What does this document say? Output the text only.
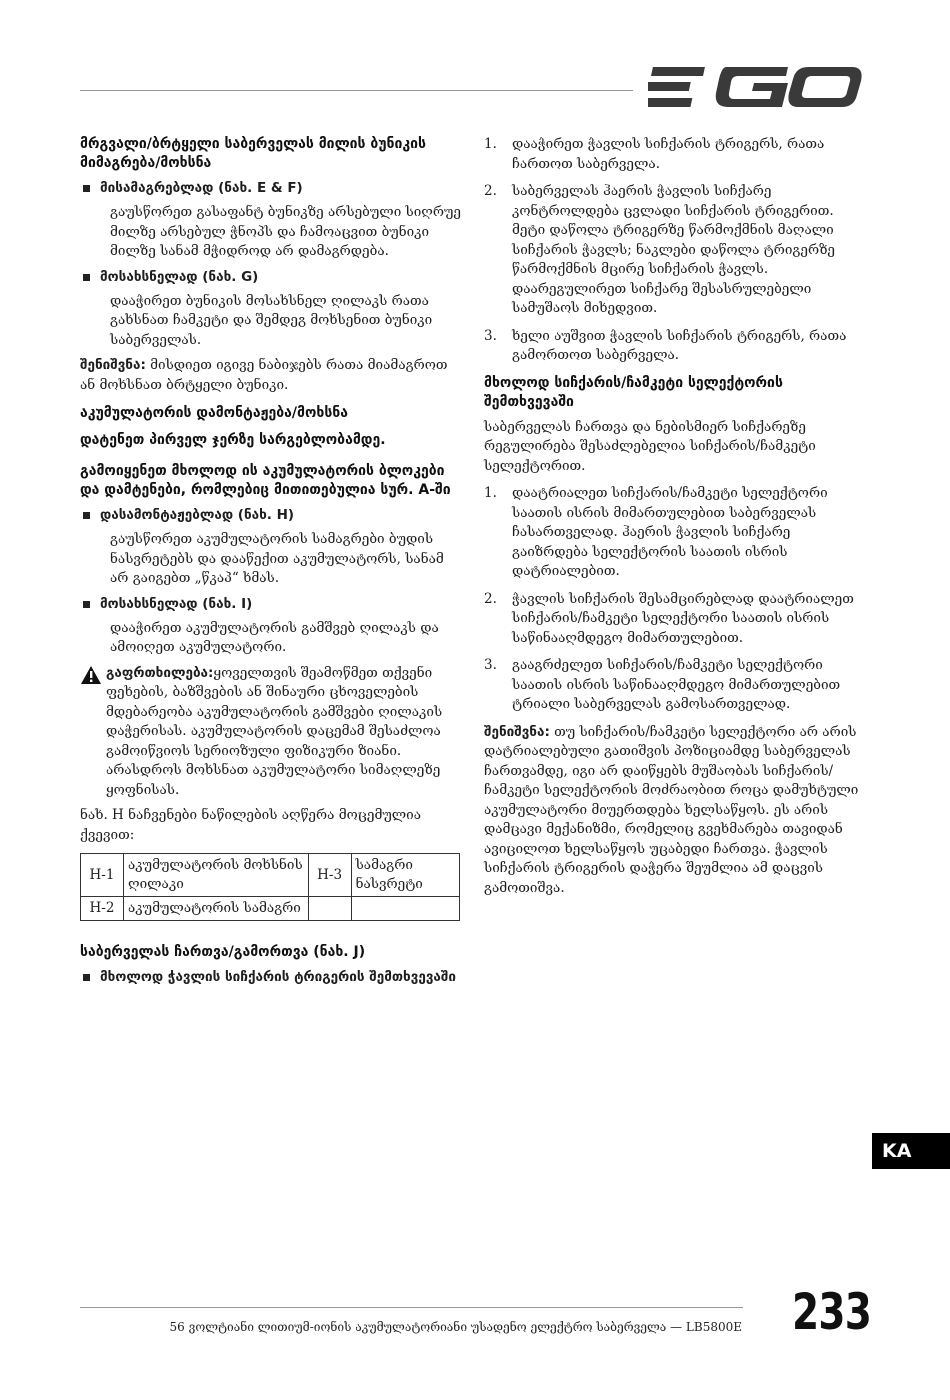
მრგვალი/ბრტყელი საბერველას მილის ბუნიკის მიმაგრება/მოხსნა
მისამაგრებლად (ნახ. E & F)
გაუსწორეთ გასაფანტ ბუნიკზე არსებული სიღრუე მილზე არსებულ ჭნოპს და ჩამოაცვით ბუნიკი მილზე სანამ მჭიდროდ არ დამაგრდება.
მოსახსნელად (ნახ. G)
დააჭირეთ ბუნიკის მოსახსნელ ღილაკს რათა გახსნათ ჩამკეტი და შემდეგ მოხსენით ბუნიკი საბერველას.

შენიშვნა: მისდიეთ იგივე ნაბიჯებს რათა მიამაგროთ ან მოხსნათ ბრტყელი ბუნიკი.

აკუმულატორის დამონტაჟება/მოხსნა
დატენეთ პირველ ჯერზე სარგებლობამდე.
გამოიყენეთ მხოლოდ ის აკუმულატორის ბლოკები და დამტენები, რომლებიც მითითებულია სურ. A-ში
დასამონტაჟებლად (ნახ. H)
გაუსწორეთ აკუმულატორის სამაგრები ბუდის ნასვრეტებს და დააწექით აკუმულატორს, სანამ არ გაიგებთ „წკაპ“ ხმას.
მოსახსნელად (ნახ. I)
დააჭირეთ აკუმულატორის გამშვებ ღილაკს და ამოიღეთ აკუმულატორი.
გაფრთხილება:ყოველთვის შეამოწმეთ თქვენი ფეხების, ბაზშვების ან შინაური ცხოველების მდებარეობა აკუმულატორის გამშვები ღილაკის დაჭერისას. აკუმულატორის დაცემამ შესაძლოა გამოიწვიოს სერიოზული ფიზიკური ზიანი. არასდროს მოხსნათ აკუმულატორი სიმაღლეზე ყოფნისას.

ნახ. H ნაჩვენები ნაწილების აღწერა მოცემულია ქვევით:

H-1	აკუმულატორის მოხსნის ღილაკი	H-3	სამაგრი ნასვრეტი
H-2	აკუმულატორის სამაგრი		
საბერველას ჩართვა/გამორთვა (ნახ. J)
მხოლოდ ჭავლის სიჩქარის ტრიგერის შემთხვევაში
1.	დააჭირეთ ჭავლის სიჩქარის ტრიგერს, რათა ჩართოთ საბერველა.
2.	საბერველას ჰაერის ჭავლის სიჩქარე კონტროლდება ცვლადი სიჩქარის ტრიგერით. მეტი დაწოლა ტრიგერზე წარმოქმნის მაღალი სიჩქარის ჭავლს; ნაკლები დაწოლა ტრიგერზე წარმოქმნის მცირე სიჩქარის ჭავლს. დაარეგულირეთ სიჩქარე შესასრულებელი სამუშაოს მიხედვით.
3.	ხელი აუშვით ჭავლის სიჩქარის ტრიგერს, რათა გამორთოთ საბერველა.
მხოლოდ სიჩქარის/ჩამკეტი სელექტორის შემთხვევაში

საბერველას ჩართვა და ნებისმიერ სიჩქარეზე რეგულირება შესაძლებელია სიჩქარის/ჩამკეტი სელექტორით.

1.	დაატრიალეთ სიჩქარის/ჩამკეტი სელექტორი საათის ისრის მიმართულებით საბერველას ჩასართველად. ჰაერის ჭავლის სიჩქარე გაიზრდება სელექტორის საათის ისრის დატრიალებით.
2.	ჭავლის სიჩქარის შესამცირებლად დაატრიალეთ სიჩქარის/ჩამკეტი სელექტორი საათის ისრის საწინააღმდეგო მიმართულებით.
3.	გააგრძელეთ სიჩქარის/ჩამკეტი სელექტორი საათის ისრის საწინააღმდეგო მიმართულებით ტრიალი საბერველას გამოსართველად.

შენიშვნა: თუ სიჩქარის/ჩამკეტი სელექტორი არ არის დატრიალებული გათიშვის პოზიციამდე საბერველას ჩართვამდე, იგი არ დაიწყებს მუშაობას სიჩქარის/ ჩამკეტი სელექტორის მოძრაობით როცა დამუხტული აკუმულატორი მიუერთდება ხელსაწყოს. ეს არის დამცავი მექანიზმი, რომელიც გვეხმარება თავიდან ავიცილოთ ხელსაწყოს უცაბედი ჩართვა. ჭავლის სიჩქარის ტრიგერის დაჭერა შეუმლია ამ დაცვის გამოთიშვა.

KA
56 ვოლტიანი ლითიუმ-იონის აკუმულატორიანი უსადენო ელექტრო საბერველა — LB5800E 233
